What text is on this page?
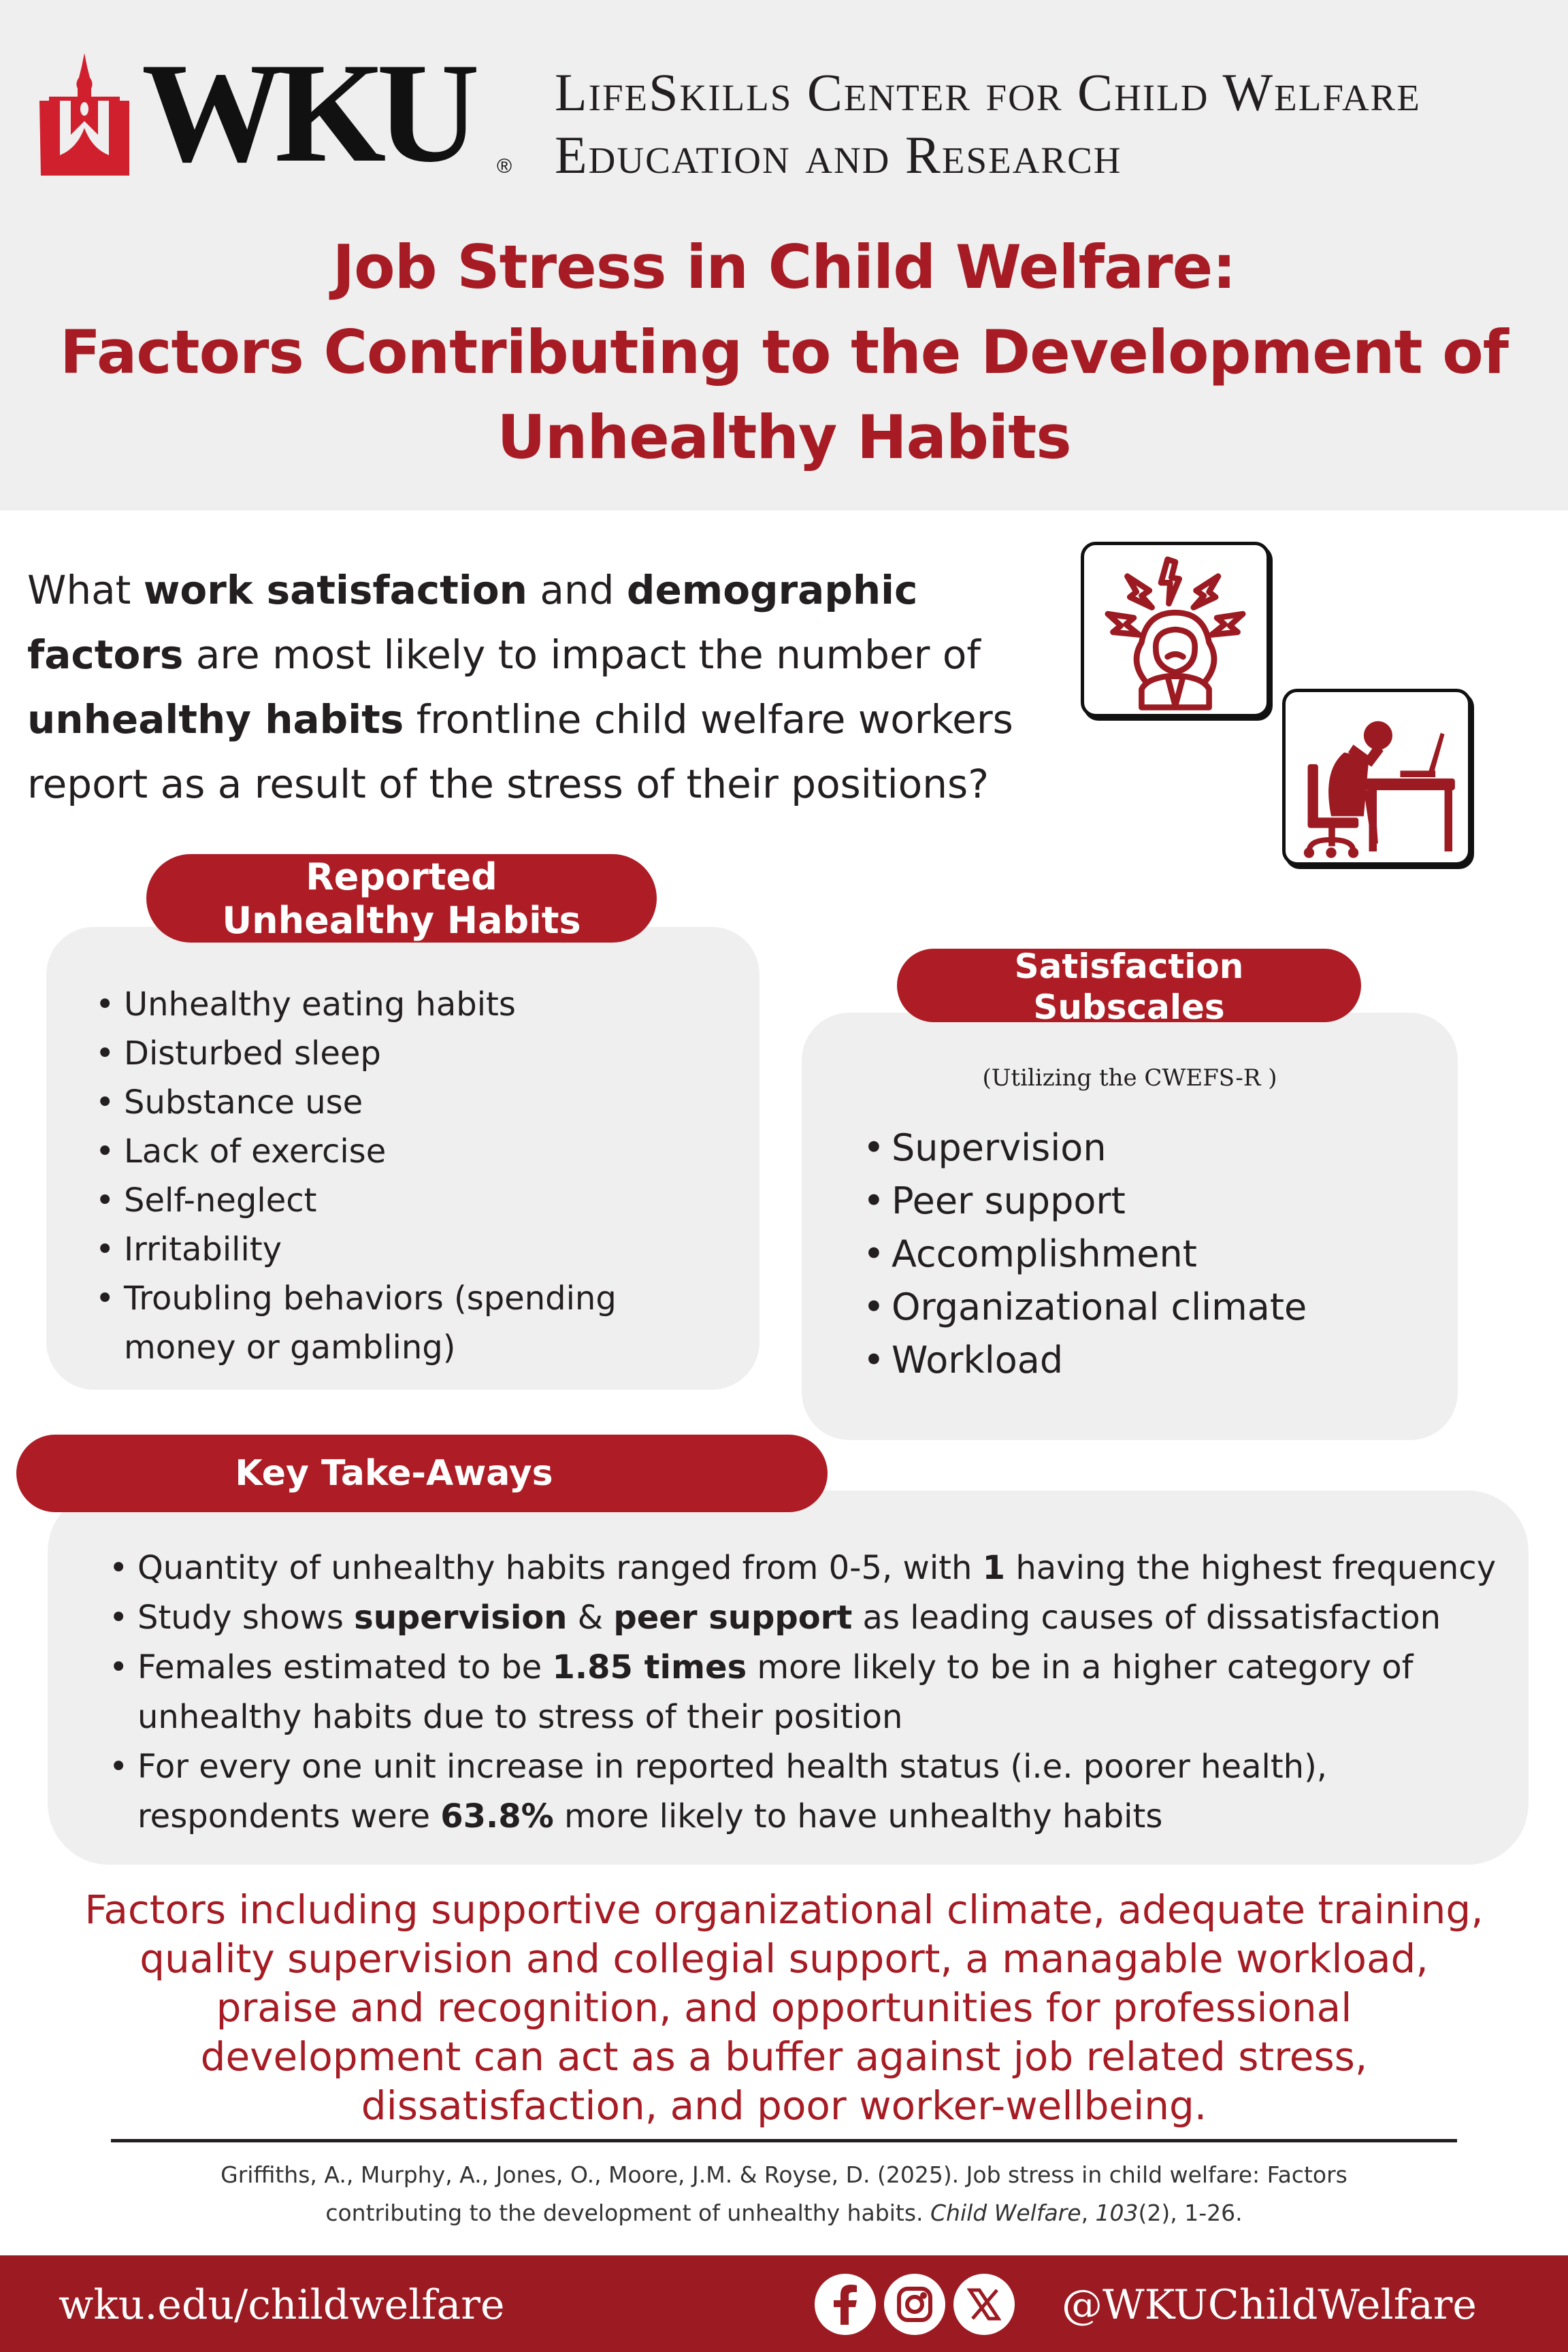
WKU ®
LifeSkills Center for Child Welfare
Education and Research
Job Stress in Child Welfare:
Factors Contributing to the Development of
Unhealthy Habits
What work satisfaction and demographic factors are most likely to impact the number of unhealthy habits frontline child welfare workers report as a result of the stress of their positions?
Reported
Unhealthy Habits
• Unhealthy eating habits
• Disturbed sleep
• Substance use
• Lack of exercise
• Self-neglect
• Irritability
• Troubling behaviors (spending money or gambling)
Satisfaction
Subscales
(Utilizing the CWEFS-R )
• Supervision
• Peer support
• Accomplishment
• Organizational climate
• Workload
Key Take-Aways
• Quantity of unhealthy habits ranged from 0-5, with 1 having the highest frequency
• Study shows supervision & peer support as leading causes of dissatisfaction
• Females estimated to be 1.85 times more likely to be in a higher category of unhealthy habits due to stress of their position
• For every one unit increase in reported health status (i.e. poorer health), respondents were 63.8% more likely to have unhealthy habits
Factors including supportive organizational climate, adequate training,
quality supervision and collegial support, a managable workload,
praise and recognition, and opportunities for professional
development can act as a buffer against job related stress,
dissatisfaction, and poor worker-wellbeing.
Griffiths, A., Murphy, A., Jones, O., Moore, J.M. & Royse, D. (2025). Job stress in child welfare: Factors
contributing to the development of unhealthy habits. Child Welfare, 103(2), 1-26.
wku.edu/childwelfare	@WKUChildWelfare
